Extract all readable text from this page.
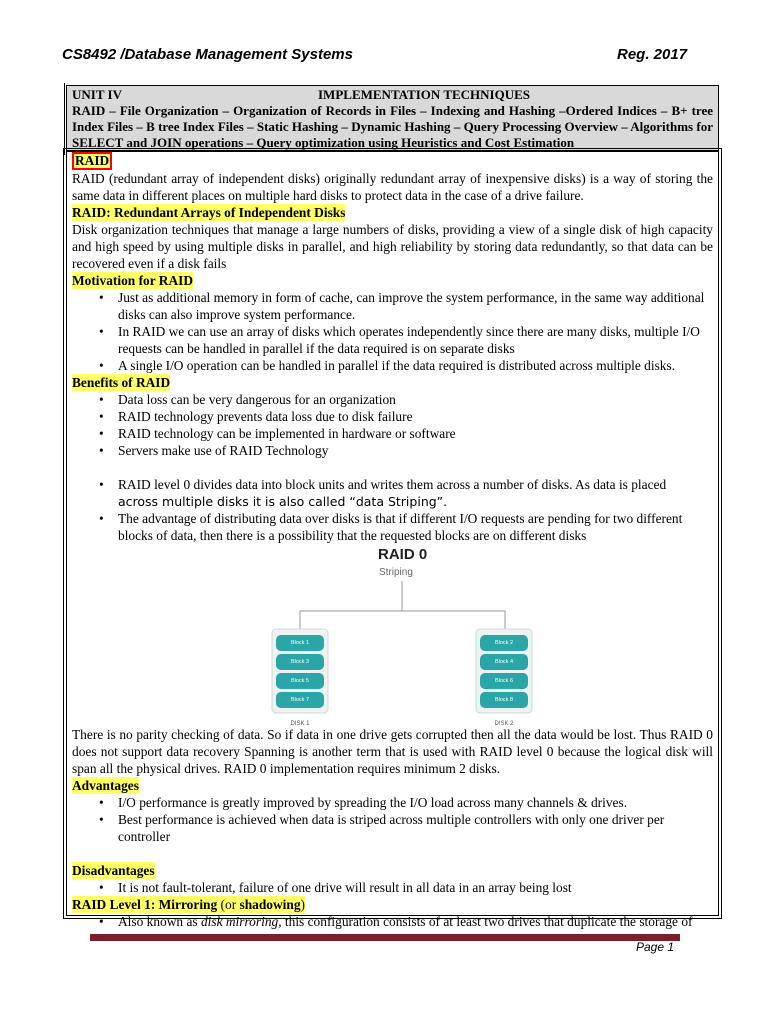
CS8492 /Database Management Systems	Reg. 2017
UNIT IV	IMPLEMENTATION TECHNIQUES

RAID – File Organization – Organization of Records in Files – Indexing and Hashing –Ordered Indices – B+ tree Index Files – B tree Index Files – Static Hashing – Dynamic Hashing – Query Processing Overview – Algorithms for SELECT and JOIN operations – Query optimization using Heuristics and Cost Estimation

RAID

RAID (redundant array of independent disks) originally redundant array of inexpensive disks) is a way of storing the same data in different places on multiple hard disks to protect data in the case of a drive failure.

RAID: Redundant Arrays of Independent Disks

Disk organization techniques that manage a large numbers of disks, providing a view of a single disk of high capacity and high speed by using multiple disks in parallel, and high reliability by storing data redundantly, so that data can be recovered even if a disk fails

Motivation for RAID
• Just as additional memory in form of cache, can improve the system performance, in the same way additional disks can also improve system performance.
• In RAID we can use an array of disks which operates independently since there are many disks, multiple I/O requests can be handled in parallel if the data required is on separate disks
• A single I/O operation can be handled in parallel if the data required is distributed across multiple disks.
Benefits of RAID
• Data loss can be very dangerous for an organization
• RAID technology prevents data loss due to disk failure
• RAID technology can be implemented in hardware or software
• Servers make use of RAID Technology
• RAID level 0 divides data into block units and writes them across a number of disks. As data is placed
across multiple disks it is also called “data Striping”.
• The advantage of distributing data over disks is that if different I/O requests are pending for two different blocks of data, then there is a possibility that the requested blocks are on different disks
RAID 0
Striping
Block 1
Block 3
Block 5
Block 7
DISK 1
Block 2
Block 4
Block 6
Block 8
DISK 2

There is no parity checking of data. So if data in one drive gets corrupted then all the data would be lost. Thus RAID 0 does not support data recovery Spanning is another term that is used with RAID level 0 because the logical disk will span all the physical drives. RAID 0 implementation requires minimum 2 disks.

Advantages
• I/O performance is greatly improved by spreading the I/O load across many channels & drives.
• Best performance is achieved when data is striped across multiple controllers with only one driver per controller
Disadvantages
• It is not fault-tolerant, failure of one drive will result in all data in an array being lost
RAID Level 1: Mirroring (or shadowing)
• Also known as disk mirroring, this configuration consists of at least two drives that duplicate the storage of
Page 1
